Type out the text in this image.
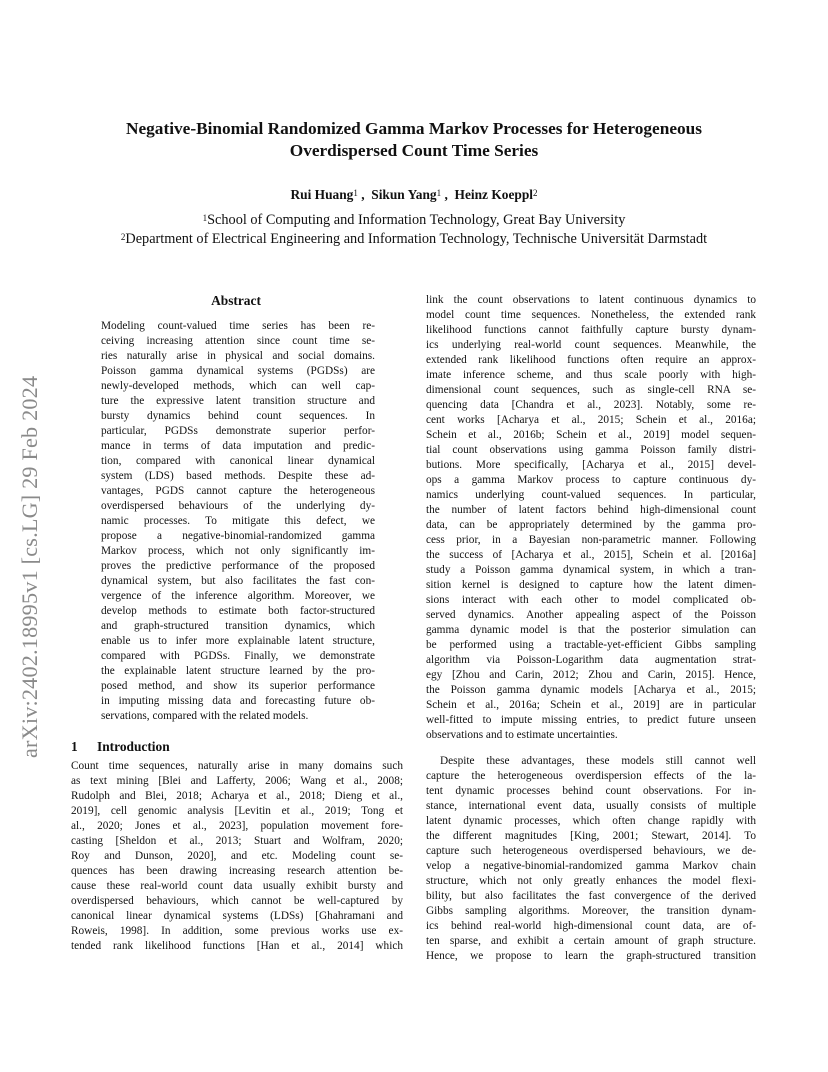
arXiv:2402.18995v1 [cs.LG] 29 Feb 2024
Negative-Binomial Randomized Gamma Markov Processes for Heterogeneous
Overdispersed Count Time Series
Rui Huang$^1$ ,  Sikun Yang$^1$ ,  Heinz Koeppl$^2$
$^1$School of Computing and Information Technology, Great Bay University
$^2$Department of Electrical Engineering and Information Technology, Technische Universität Darmstadt
Abstract
Modeling count-valued time series has been re-
ceiving increasing attention since count time se-
ries naturally arise in physical and social domains.
Poisson gamma dynamical systems (PGDSs) are
newly-developed methods, which can well cap-
ture the expressive latent transition structure and
bursty dynamics behind count sequences. In
particular, PGDSs demonstrate superior perfor-
mance in terms of data imputation and predic-
tion, compared with canonical linear dynamical
system (LDS) based methods. Despite these ad-
vantages, PGDS cannot capture the heterogeneous
overdispersed behaviours of the underlying dy-
namic processes. To mitigate this defect, we
propose a negative-binomial-randomized gamma
Markov process, which not only significantly im-
proves the predictive performance of the proposed
dynamical system, but also facilitates the fast con-
vergence of the inference algorithm. Moreover, we
develop methods to estimate both factor-structured
and graph-structured transition dynamics, which
enable us to infer more explainable latent structure,
compared with PGDSs. Finally, we demonstrate
the explainable latent structure learned by the pro-
posed method, and show its superior performance
in imputing missing data and forecasting future ob-
servations, compared with the related models.
1 Introduction
Count time sequences, naturally arise in many domains such
as text mining [Blei and Lafferty, 2006; Wang et al., 2008;
Rudolph and Blei, 2018; Acharya et al., 2018; Dieng et al.,
2019], cell genomic analysis [Levitin et al., 2019; Tong et
al., 2020; Jones et al., 2023], population movement fore-
casting [Sheldon et al., 2013; Stuart and Wolfram, 2020;
Roy and Dunson, 2020], and etc. Modeling count se-
quences has been drawing increasing research attention be-
cause these real-world count data usually exhibit bursty and
overdispersed behaviours, which cannot be well-captured by
canonical linear dynamical systems (LDSs) [Ghahramani and
Roweis, 1998]. In addition, some previous works use ex-
tended rank likelihood functions [Han et al., 2014] which
link the count observations to latent continuous dynamics to
model count time sequences. Nonetheless, the extended rank
likelihood functions cannot faithfully capture bursty dynam-
ics underlying real-world count sequences. Meanwhile, the
extended rank likelihood functions often require an approx-
imate inference scheme, and thus scale poorly with high-
dimensional count sequences, such as single-cell RNA se-
quencing data [Chandra et al., 2023]. Notably, some re-
cent works [Acharya et al., 2015; Schein et al., 2016a;
Schein et al., 2016b; Schein et al., 2019] model sequen-
tial count observations using gamma Poisson family distri-
butions. More specifically, [Acharya et al., 2015] devel-
ops a gamma Markov process to capture continuous dy-
namics underlying count-valued sequences. In particular,
the number of latent factors behind high-dimensional count
data, can be appropriately determined by the gamma pro-
cess prior, in a Bayesian non-parametric manner. Following
the success of [Acharya et al., 2015], Schein et al. [2016a]
study a Poisson gamma dynamical system, in which a tran-
sition kernel is designed to capture how the latent dimen-
sions interact with each other to model complicated ob-
served dynamics. Another appealing aspect of the Poisson
gamma dynamic model is that the posterior simulation can
be performed using a tractable-yet-efficient Gibbs sampling
algorithm via Poisson-Logarithm data augmentation strat-
egy [Zhou and Carin, 2012; Zhou and Carin, 2015]. Hence,
the Poisson gamma dynamic models [Acharya et al., 2015;
Schein et al., 2016a; Schein et al., 2019] are in particular
well-fitted to impute missing entries, to predict future unseen
observations and to estimate uncertainties.
Despite these advantages, these models still cannot well
capture the heterogeneous overdispersion effects of the la-
tent dynamic processes behind count observations. For in-
stance, international event data, usually consists of multiple
latent dynamic processes, which often change rapidly with
the different magnitudes [King, 2001; Stewart, 2014]. To
capture such heterogeneous overdispersed behaviours, we de-
velop a negative-binomial-randomized gamma Markov chain
structure, which not only greatly enhances the model flexi-
bility, but also facilitates the fast convergence of the derived
Gibbs sampling algorithms. Moreover, the transition dynam-
ics behind real-world high-dimensional count data, are of-
ten sparse, and exhibit a certain amount of graph structure.
Hence, we propose to learn the graph-structured transition
